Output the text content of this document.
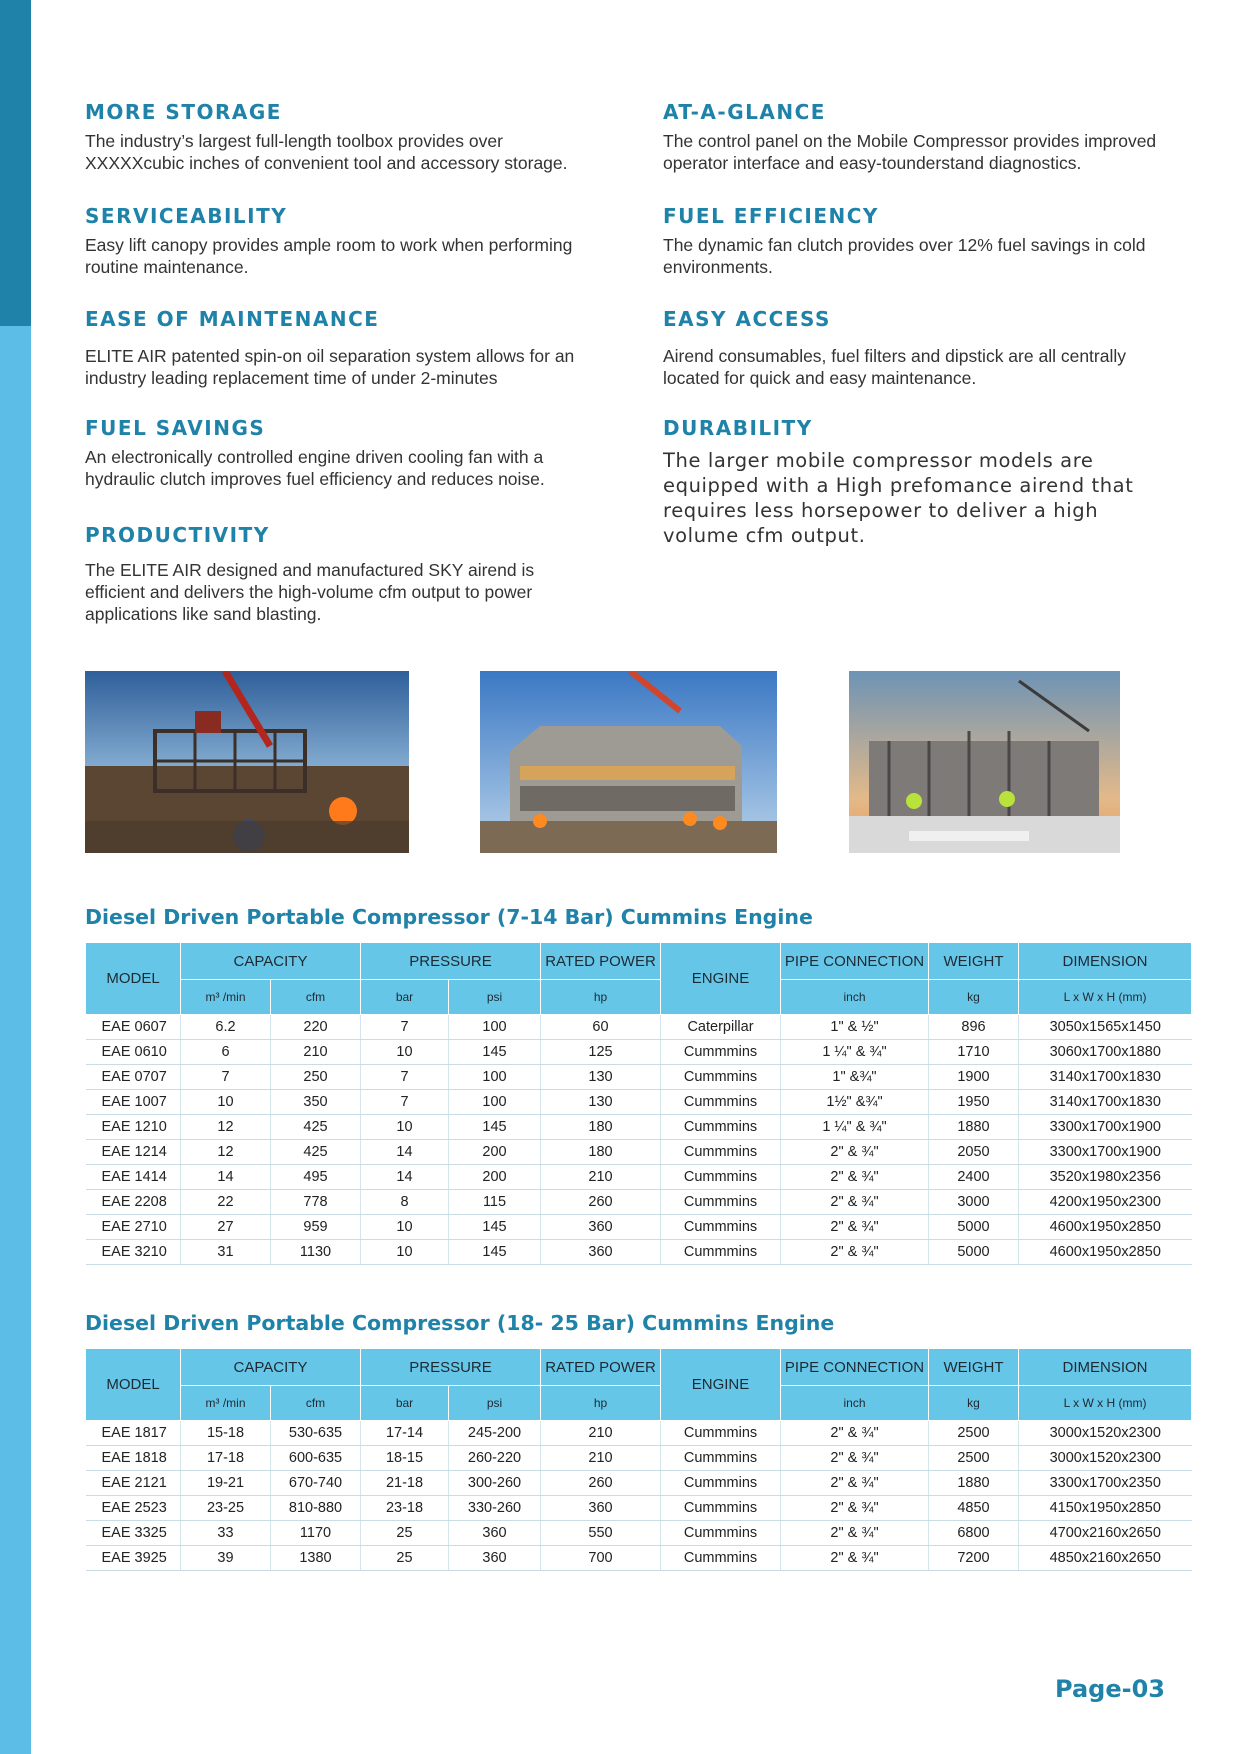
MORE STORAGE

The industry’s largest full-length toolbox provides over XXXXXcubic inches of convenient tool and accessory storage.

SERVICEABILITY

Easy lift canopy provides ample room to work when performing routine maintenance.

EASE OF MAINTENANCE

ELITE AIR patented spin-on oil separation system allows for an industry leading replacement time of under 2-minutes

FUEL SAVINGS

An electronically controlled engine driven cooling fan with a hydraulic clutch improves fuel efficiency and reduces noise.

PRODUCTIVITY

The ELITE AIR designed and manufactured SKY airend is efficient and delivers the high-volume cfm output to power applications like sand blasting.

AT-A-GLANCE

The control panel on the Mobile Compressor provides improved operator interface and easy-tounderstand diagnostics.

FUEL EFFICIENCY

The dynamic fan clutch provides over 12% fuel savings in cold environments.

EASY ACCESS

Airend consumables, fuel filters and dipstick are all centrally located for quick and easy maintenance.

DURABILITY

The larger mobile compressor models are equipped with a High prefomance airend that requires less horsepower to deliver a high volume cfm output.

Diesel Driven Portable Compressor (7-14 Bar) Cummins Engine
MODEL	CAPACITY		PRESSURE		RATED POWER	ENGINE	PIPE CONNECTION	WEIGHT	DIMENSION
	m³ /min	cfm	bar	psi	hp		inch	kg	L x W x H (mm)
EAE 0607	6.2	220	7	100	60	Caterpillar	1" & ½"	896	3050x1565x1450
EAE 0610	6	210	10	145	125	Cummmins	1 ¼" & ¾"	1710	3060x1700x1880
EAE 0707	7	250	7	100	130	Cummmins	1" &¾"	1900	3140x1700x1830
EAE 1007	10	350	7	100	130	Cummmins	1½" &¾"	1950	3140x1700x1830
EAE 1210	12	425	10	145	180	Cummmins	1 ¼" & ¾"	1880	3300x1700x1900
EAE 1214	12	425	14	200	180	Cummmins	2" & ¾"	2050	3300x1700x1900
EAE 1414	14	495	14	200	210	Cummmins	2" & ¾"	2400	3520x1980x2356
EAE 2208	22	778	8	115	260	Cummmins	2" & ¾"	3000	4200x1950x2300
EAE 2710	27	959	10	145	360	Cummmins	2" & ¾"	5000	4600x1950x2850
EAE 3210	31	1130	10	145	360	Cummmins	2" & ¾"	5000	4600x1950x2850
Diesel Driven Portable Compressor (18- 25 Bar) Cummins Engine
MODEL	CAPACITY		PRESSURE		RATED POWER	ENGINE	PIPE CONNECTION	WEIGHT	DIMENSION
	m³ /min	cfm	bar	psi	hp		inch	kg	L x W x H (mm)
EAE 1817	15-18	530-635	17-14	245-200	210	Cummmins	2" & ¾"	2500	3000x1520x2300
EAE 1818	17-18	600-635	18-15	260-220	210	Cummmins	2" & ¾"	2500	3000x1520x2300
EAE 2121	19-21	670-740	21-18	300-260	260	Cummmins	2" & ¾"	1880	3300x1700x2350
EAE 2523	23-25	810-880	23-18	330-260	360	Cummmins	2" & ¾"	4850	4150x1950x2850
EAE 3325	33	1170	25	360	550	Cummmins	2" & ¾"	6800	4700x2160x2650
EAE 3925	39	1380	25	360	700	Cummmins	2" & ¾"	7200	4850x2160x2650

Page-03
